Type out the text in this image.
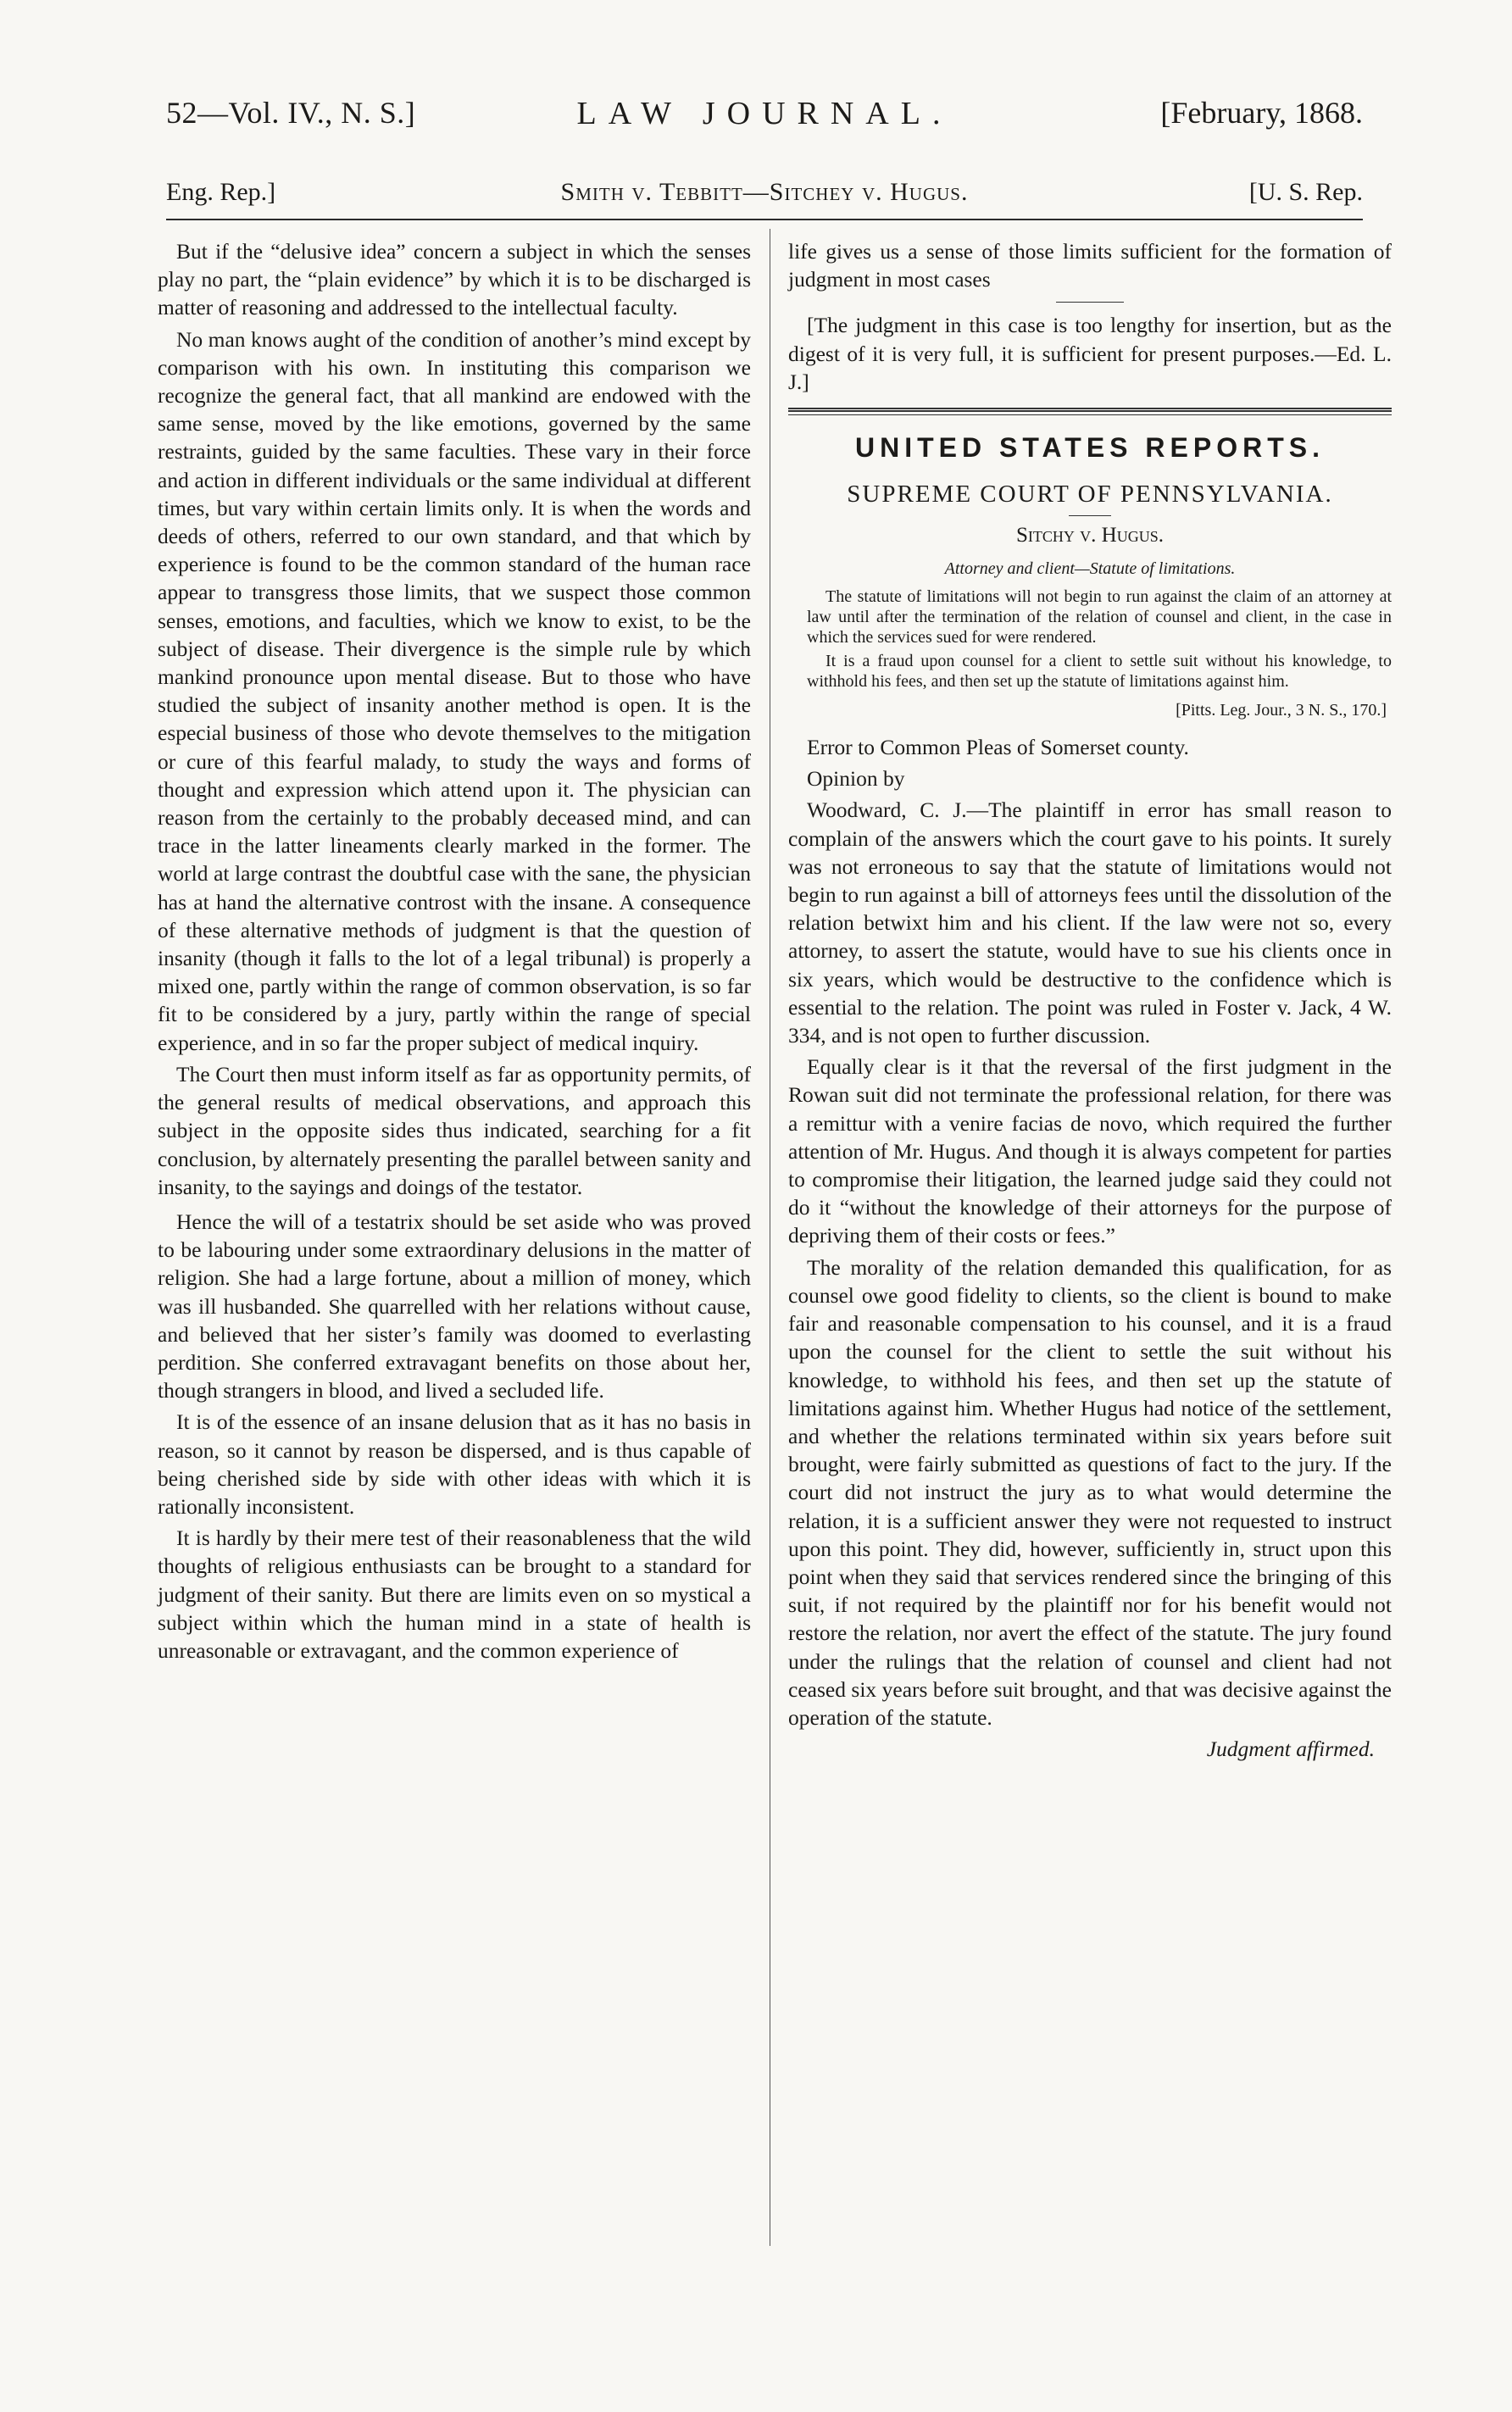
52—Vol. IV., N. S.]	LAW JOURNAL.	[February, 1868.
Eng. Rep.]	Smith v. Tebbitt—Sitchey v. Hugus.	[U. S. Rep.

But if the “delusive idea” concern a subject in which the senses play no part, the “plain evidence” by which it is to be discharged is matter of reasoning and addressed to the intellectual faculty.

No man knows aught of the condition of another’s mind except by comparison with his own. In instituting this comparison we recognize the general fact, that all mankind are endowed with the same sense, moved by the like emotions, governed by the same restraints, guided by the same faculties. These vary in their force and action in different individuals or the same individual at different times, but vary within certain limits only. It is when the words and deeds of others, referred to our own standard, and that which by experience is found to be the common standard of the human race appear to transgress those limits, that we suspect those common senses, emotions, and faculties, which we know to exist, to be the subject of disease. Their divergence is the simple rule by which mankind pronounce upon mental disease. But to those who have studied the subject of insanity another method is open. It is the especial business of those who devote themselves to the mitigation or cure of this fearful malady, to study the ways and forms of thought and expression which attend upon it. The physician can reason from the certainly to the probably deceased mind, and can trace in the latter lineaments clearly marked in the former. The world at large contrast the doubtful case with the sane, the physician has at hand the alternative controst with the insane. A consequence of these alternative methods of judgment is that the question of insanity (though it falls to the lot of a legal tribunal) is properly a mixed one, partly within the range of common observation, is so far fit to be considered by a jury, partly within the range of special experience, and in so far the proper subject of medical inquiry.

The Court then must inform itself as far as opportunity permits, of the general results of medical observations, and approach this subject in the opposite sides thus indicated, searching for a fit conclusion, by alternately presenting the parallel between sanity and insanity, to the sayings and doings of the testator.

Hence the will of a testatrix should be set aside who was proved to be labouring under some extraordinary delusions in the matter of religion. She had a large fortune, about a million of money, which was ill husbanded. She quarrelled with her relations without cause, and believed that her sister’s family was doomed to everlasting perdition. She conferred extravagant benefits on those about her, though strangers in blood, and lived a secluded life.

It is of the essence of an insane delusion that as it has no basis in reason, so it cannot by reason be dispersed, and is thus capable of being cherished side by side with other ideas with which it is rationally inconsistent.

It is hardly by their mere test of their reasonableness that the wild thoughts of religious enthusiasts can be brought to a standard for judgment of their sanity. But there are limits even on so mystical a subject within which the human mind in a state of health is unreasonable or extravagant, and the common experience of

life gives us a sense of those limits sufficient for the formation of judgment in most cases

[The judgment in this case is too lengthy for insertion, but as the digest of it is very full, it is sufficient for present purposes.—Ed. L. J.]

UNITED STATES REPORTS.
SUPREME COURT OF PENNSYLVANIA.
Sitchy v. Hugus.
Attorney and client—Statute of limitations.

The statute of limitations will not begin to run against the claim of an attorney at law until after the termination of the relation of counsel and client, in the case in which the services sued for were rendered.

It is a fraud upon counsel for a client to settle suit without his knowledge, to withhold his fees, and then set up the statute of limitations against him.

[Pitts. Leg. Jour., 3 N. S., 170.]

Error to Common Pleas of Somerset county.

Opinion by

Woodward, C. J.—The plaintiff in error has small reason to complain of the answers which the court gave to his points. It surely was not erroneous to say that the statute of limitations would not begin to run against a bill of attorneys fees until the dissolution of the relation betwixt him and his client. If the law were not so, every attorney, to assert the statute, would have to sue his clients once in six years, which would be destructive to the confidence which is essential to the relation. The point was ruled in Foster v. Jack, 4 W. 334, and is not open to further discussion.

Equally clear is it that the reversal of the first judgment in the Rowan suit did not terminate the professional relation, for there was a remittur with a venire facias de novo, which required the further attention of Mr. Hugus. And though it is always competent for parties to compromise their litigation, the learned judge said they could not do it “without the knowledge of their attorneys for the purpose of depriving them of their costs or fees.”

The morality of the relation demanded this qualification, for as counsel owe good fidelity to clients, so the client is bound to make fair and reasonable compensation to his counsel, and it is a fraud upon the counsel for the client to settle the suit without his knowledge, to withhold his fees, and then set up the statute of limitations against him. Whether Hugus had notice of the settlement, and whether the relations terminated within six years before suit brought, were fairly submitted as questions of fact to the jury. If the court did not instruct the jury as to what would determine the relation, it is a sufficient answer they were not requested to instruct upon this point. They did, however, sufficiently in, struct upon this point when they said that services rendered since the bringing of this suit, if not required by the plaintiff nor for his benefit would not restore the relation, nor avert the effect of the statute. The jury found under the rulings that the relation of counsel and client had not ceased six years before suit brought, and that was decisive against the operation of the statute.

Judgment affirmed.
